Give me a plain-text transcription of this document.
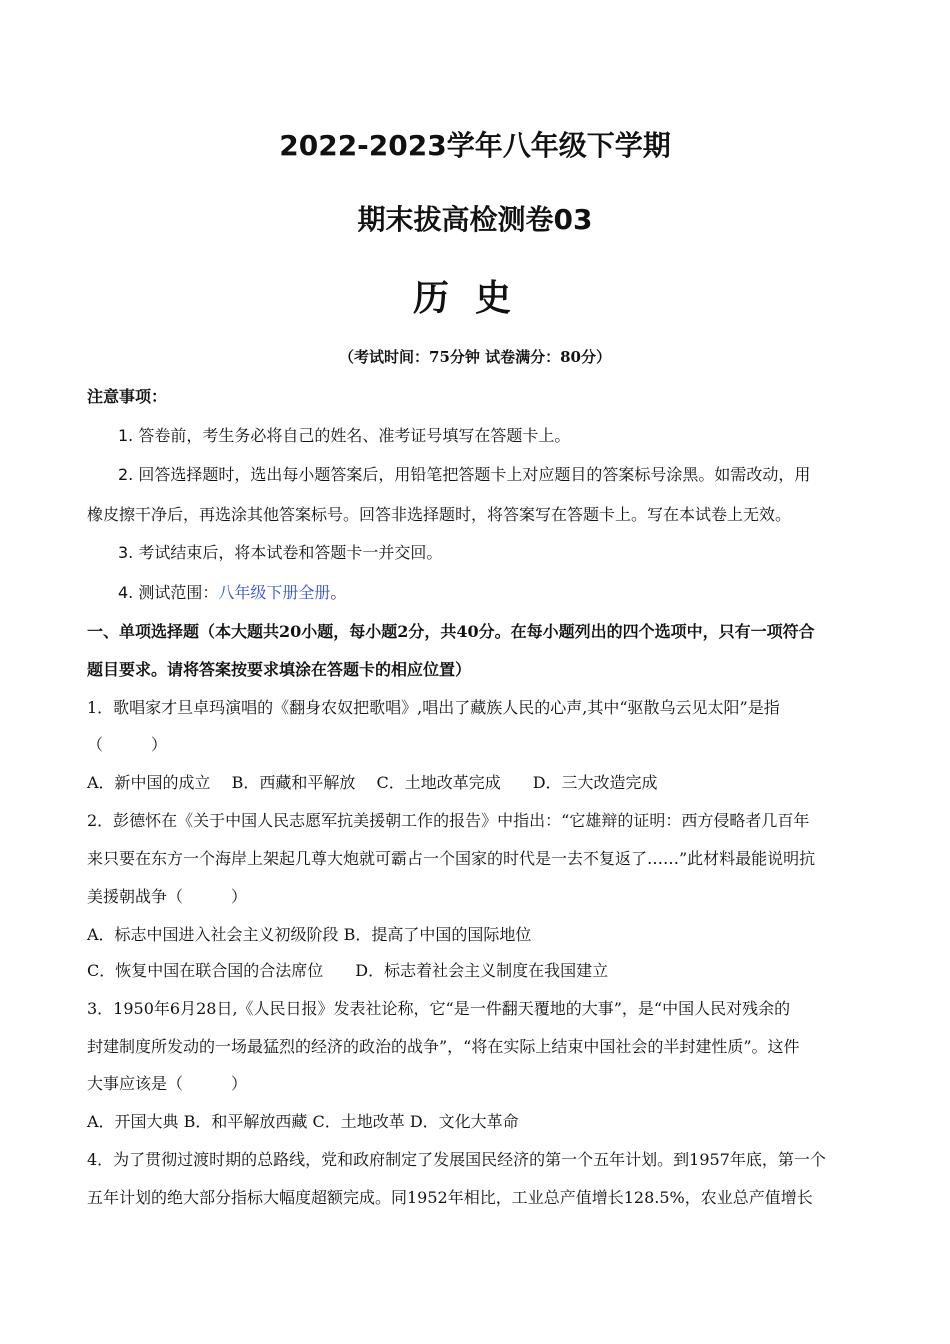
2022-2023学年八年级下学期
期末拔高检测卷03
历史
（考试时间：75分钟 试卷满分：80分）
注意事项：
1. 答卷前，考生务必将自己的姓名、准考证号填写在答题卡上。
2. 回答选择题时，选出每小题答案后，用铅笔把答题卡上对应题目的答案标号涂黑。如需改动，用
橡皮擦干净后，再选涂其他答案标号。回答非选择题时，将答案写在答题卡上。写在本试卷上无效。
3. 考试结束后，将本试卷和答题卡一并交回。
4. 测试范围：八年级下册全册。
一、单项选择题（本大题共20小题，每小题2分，共40分。在每小题列出的四个选项中，只有一项符合
题目要求。请将答案按要求填涂在答题卡的相应位置）
1．歌唱家才旦卓玛演唱的《翻身农奴把歌唱》,唱出了藏族人民的心声,其中“驱散乌云见太阳”是指
（　　　）
A．新中国的成立　 B．西藏和平解放　 C．土地改革完成　　D．三大改造完成
2．彭德怀在《关于中国人民志愿军抗美援朝工作的报告》中指出：“它雄辩的证明：西方侵略者几百年
来只要在东方一个海岸上架起几尊大炮就可霸占一个国家的时代是一去不复返了……”此材料最能说明抗
美援朝战争（　　　）
A．标志中国进入社会主义初级阶段 B．提高了中国的国际地位
C．恢复中国在联合国的合法席位　　D．标志着社会主义制度在我国建立
3．1950年6月28日,《人民日报》发表社论称，它“是一件翻天覆地的大事”，是“中国人民对残余的
封建制度所发动的一场最猛烈的经济的政治的战争”，“将在实际上结束中国社会的半封建性质”。这件
大事应该是（　　　）
A．开国大典 B．和平解放西藏 C．土地改革 D．文化大革命
4．为了贯彻过渡时期的总路线，党和政府制定了发展国民经济的第一个五年计划。到1957年底，第一个
五年计划的绝大部分指标大幅度超额完成。同1952年相比，工业总产值增长128.5%，农业总产值增长
